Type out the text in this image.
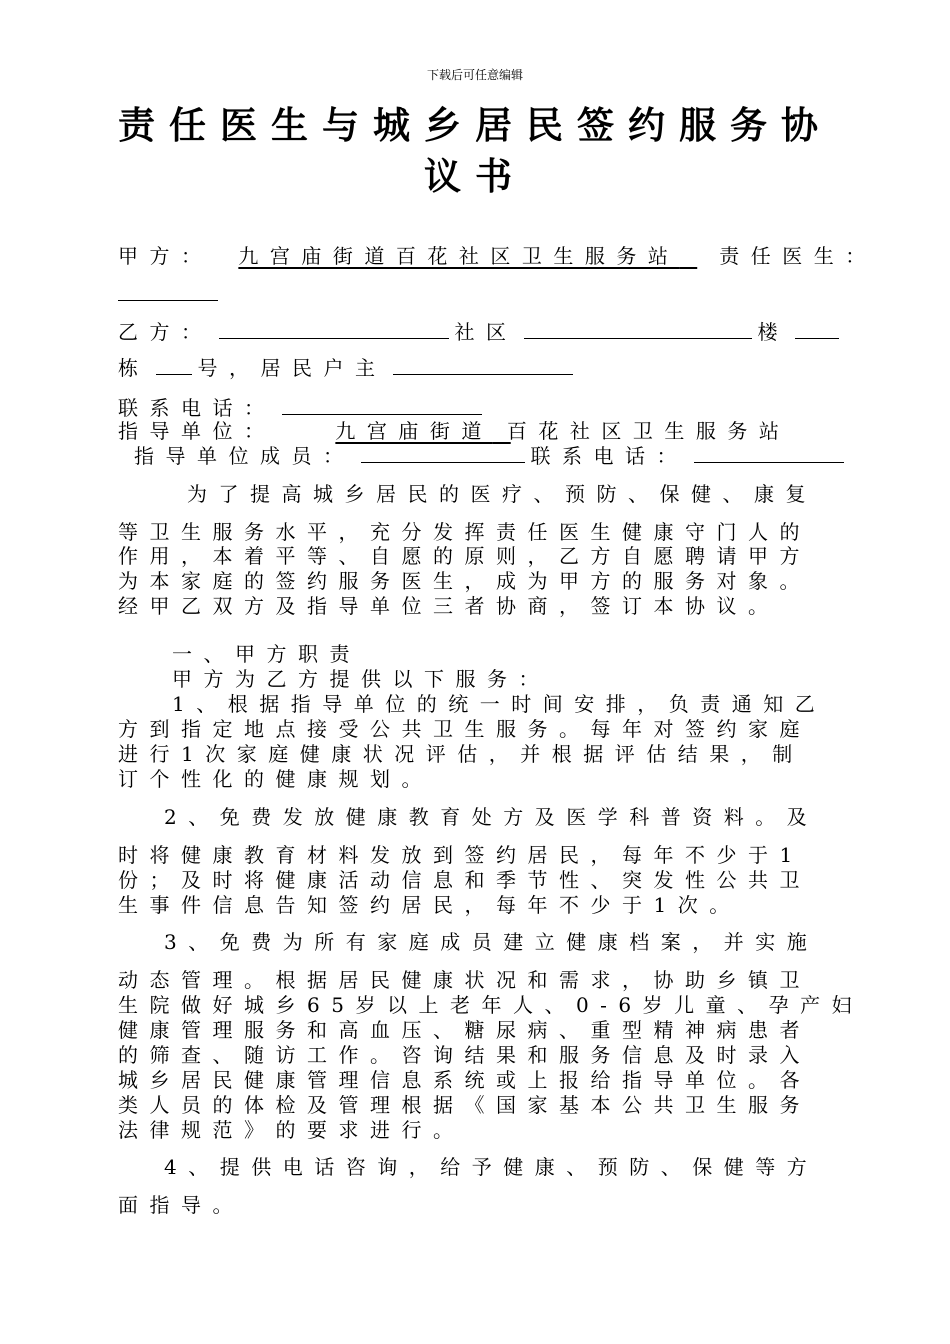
下载后可任意编辑
责任医生与城乡居民签约服务协
议书
甲方： 九宫庙街道百花社区卫生服务站 责任医生：
乙方：	社区	楼
栋 号，居民户主
联系电话：
指导单位：	九宫庙街道 百花社区卫生服务站
指导单位成员：	联系电话：
为了提高城乡居民的医疗、预防、保健、康复
等卫生服务水平，充分发挥责任医生健康守门人的
作用，本着平等、自愿的原则，乙方自愿聘请甲方
为本家庭的签约服务医生，成为甲方的服务对象。
经甲乙双方及指导单位三者协商，签订本协议。
一、甲方职责
甲方为乙方提供以下服务：
1、根据指导单位的统一时间安排，负责通知乙
方到指定地点接受公共卫生服务。每年对签约家庭
进行1次家庭健康状况评估，并根据评估结果，制
订个性化的健康规划。
2、免费发放健康教育处方及医学科普资料。及
时将健康教育材料发放到签约居民，每年不少于1
份；及时将健康活动信息和季节性、突发性公共卫
生事件信息告知签约居民，每年不少于1次。
3、免费为所有家庭成员建立健康档案，并实施
动态管理。根据居民健康状况和需求，协助乡镇卫
生院做好城乡65岁以上老年人、0-6岁儿童、孕产妇
健康管理服务和高血压、糖尿病、重型精神病患者
的筛查、随访工作。咨询结果和服务信息及时录入
城乡居民健康管理信息系统或上报给指导单位。各
类人员的体检及管理根据《国家基本公共卫生服务
法律规范》的要求进行。
4、提供电话咨询，给予健康、预防、保健等方
面指导。
